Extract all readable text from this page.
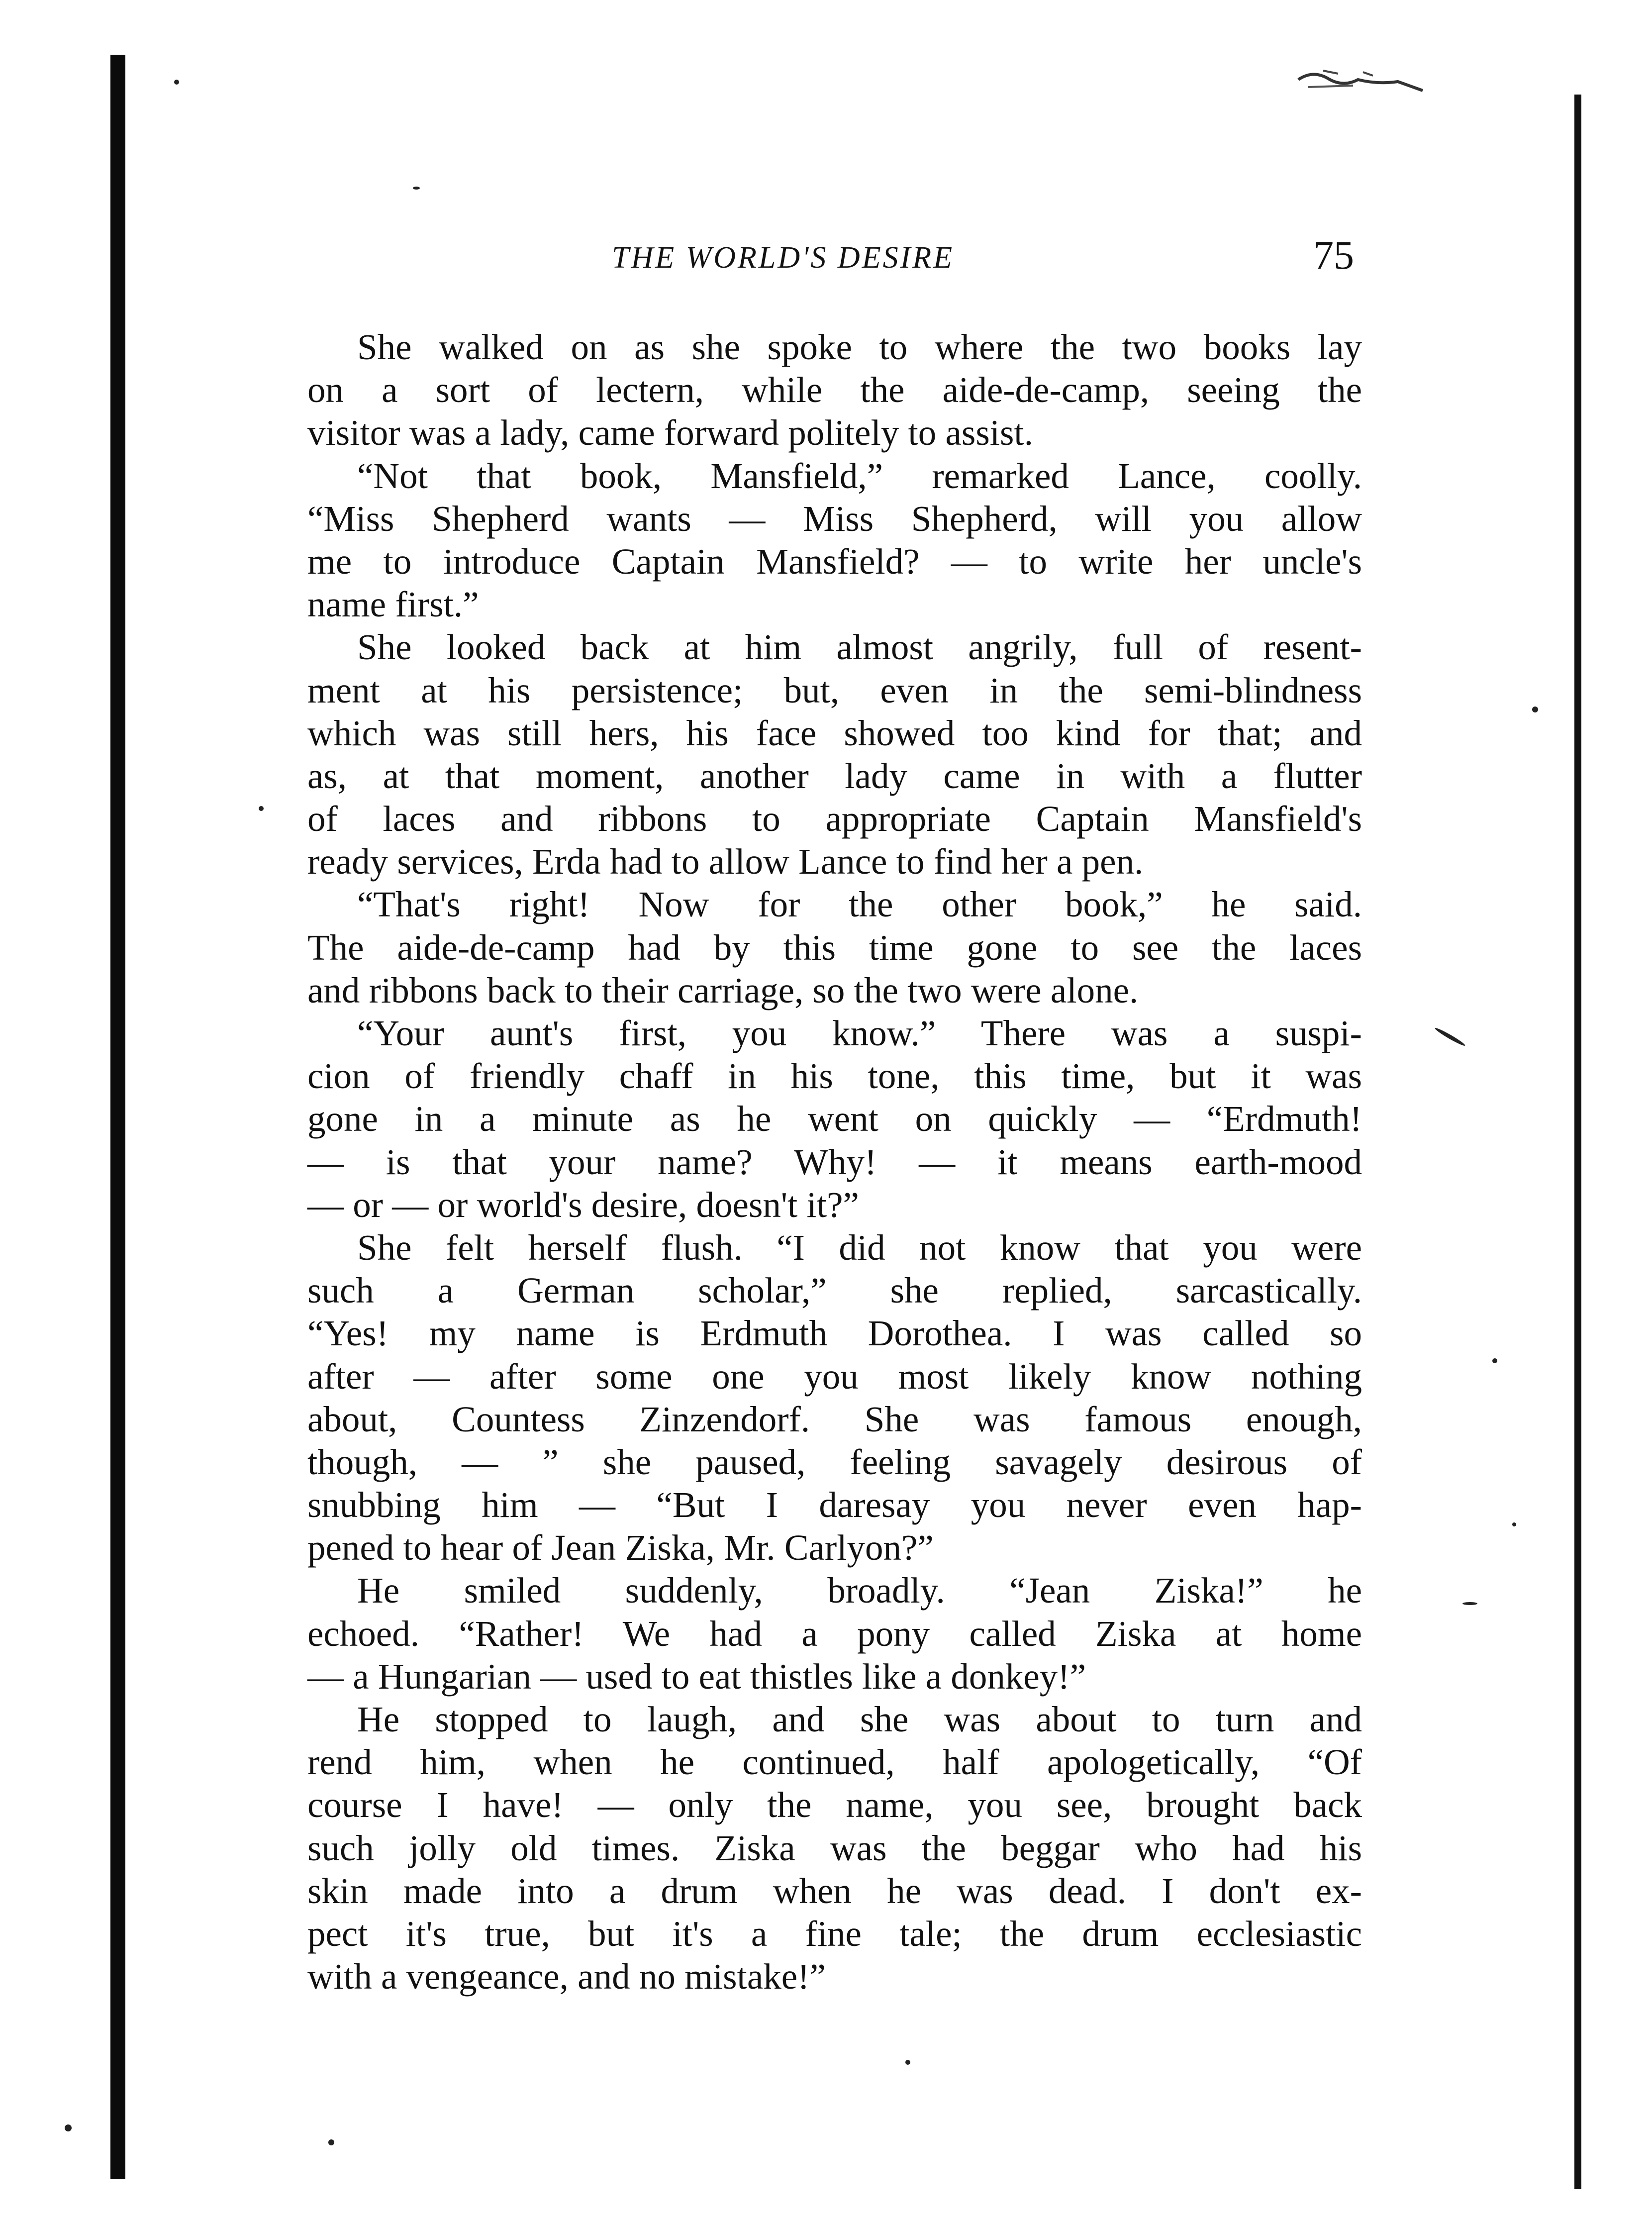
THE WORLD'S DESIRE	75
She walked on as she spoke to where the two books lay
on a sort of lectern, while the aide-de-camp, seeing the
visitor was a lady, came forward politely to assist.
“Not that book, Mansfield,” remarked Lance, coolly.
“Miss Shepherd wants — Miss Shepherd, will you allow
me to introduce Captain Mansfield? — to write her uncle's
name first.”
She looked back at him almost angrily, full of resent-
ment at his persistence; but, even in the semi-blindness
which was still hers, his face showed too kind for that; and
as, at that moment, another lady came in with a flutter
of laces and ribbons to appropriate Captain Mansfield's
ready services, Erda had to allow Lance to find her a pen.
“That's right! Now for the other book,” he said.
The aide-de-camp had by this time gone to see the laces
and ribbons back to their carriage, so the two were alone.
“Your aunt's first, you know.” There was a suspi-
cion of friendly chaff in his tone, this time, but it was
gone in a minute as he went on quickly — “Erdmuth!
— is that your name? Why! — it means earth-mood
— or — or world's desire, doesn't it?”
She felt herself flush. “I did not know that you were
such a German scholar,” she replied, sarcastically.
“Yes! my name is Erdmuth Dorothea. I was called so
after — after some one you most likely know nothing
about, Countess Zinzendorf. She was famous enough,
though, — ” she paused, feeling savagely desirous of
snubbing him — “But I daresay you never even hap-
pened to hear of Jean Ziska, Mr. Carlyon?”
He smiled suddenly, broadly. “Jean Ziska!” he
echoed. “Rather! We had a pony called Ziska at home
— a Hungarian — used to eat thistles like a donkey!”
He stopped to laugh, and she was about to turn and
rend him, when he continued, half apologetically, “Of
course I have! — only the name, you see, brought back
such jolly old times. Ziska was the beggar who had his
skin made into a drum when he was dead. I don't ex-
pect it's true, but it's a fine tale; the drum ecclesiastic
with a vengeance, and no mistake!”
